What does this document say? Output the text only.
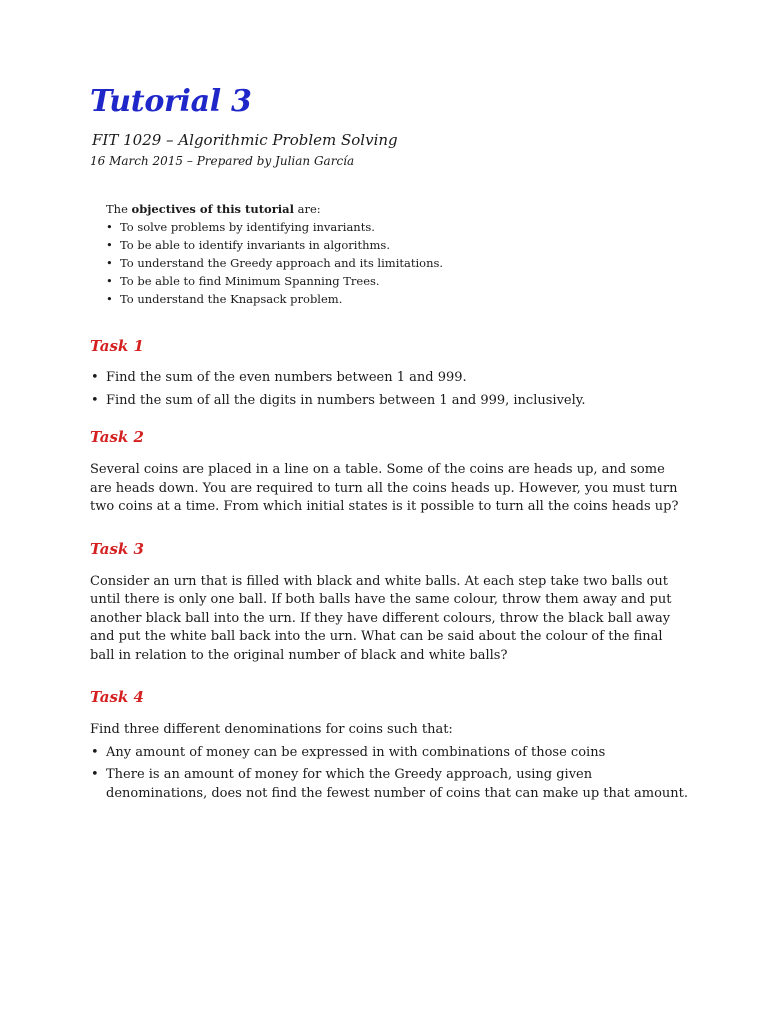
Tutorial 3
FIT 1029 – Algorithmic Problem Solving
16 March 2015 – Prepared by Julian García
The objectives of this tutorial are:
• To solve problems by identifying invariants.
• To be able to identify invariants in algorithms.
• To understand the Greedy approach and its limitations.
• To be able to find Minimum Spanning Trees.
• To understand the Knapsack problem.
Task 1
• Find the sum of the even numbers between 1 and 999.
• Find the sum of all the digits in numbers between 1 and 999, inclusively.
Task 2

Several coins are placed in a line on a table. Some of the coins are heads up, and some are heads down. You are required to turn all the coins heads up. However, you must turn two coins at a time. From which initial states is it possible to turn all the coins heads up?

Task 3

Consider an urn that is filled with black and white balls. At each step take two balls out until there is only one ball. If both balls have the same colour, throw them away and put another black ball into the urn. If they have different colours, throw the black ball away and put the white ball back into the urn. What can be said about the colour of the final ball in relation to the original number of black and white balls?

Task 4

Find three different denominations for coins such that:

• Any amount of money can be expressed in with combinations of those coins
• There is an amount of money for which the Greedy approach, using given denominations, does not find the fewest number of coins that can make up that amount.
